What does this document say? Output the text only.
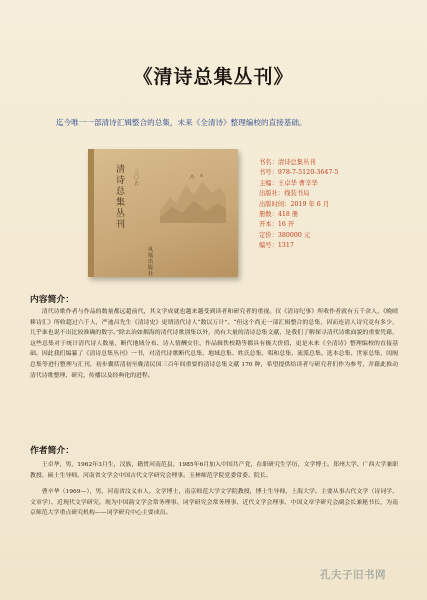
《清诗总集丛刊》
迄今唯一一部清诗汇辑整合的总集，未来《全清诗》整理编校的直接基础。
清诗总集丛刊
三〇五
凤凰出版社
书名：清诗总集丛刊
书号：978-7-5120-3647-5
主编：王卓华 曹辛华
出版社：线装书局
出版时间：2019 年 6 月
册数：418 册
开本：16 开
定价：380000 元
编号：1317
内容简介：

清代诗歌作者与作品的数量都远超前代，其文学成就也越来越受到读者和研究者的重视。仅《清诗纪事》所收作者就有五千余人，《晚晴簃诗汇》所收超过六千人，严迪昌先生《清诗史》更谓清代诗人“数以万计”。“但这个尚无一部汇辑整合的总集，因而连清人诗究竟有多少，几乎谁也说不出比较准确的数字。”除去治如烟海的清代诗歌别集以外，尚有大量的清诗总集文献，是我们了解探寻清代诗歌面貌的重要凭藉，这些总集对于统计清代诗人数量、断代地域分布、诗人情酬交往、作品辑佚校勘等都具有极大价值，更是未来《全清诗》整理编校的直接基础。因此我们编纂了《清诗总集丛刊》一书，对清代诗歌断代总集、地域总集、姓氏总集、唱和总集、流派总集、选本总集、世家总集、闺阁总集等进行整理与汇刊，初步囊括清初至晚清民国三百年间重要的清诗总集文献 170 种，希望提供给读者与研究者们作为参考，并藉此推动清代诗歌整理、研究、传播以及经典化的进程。

作者简介：

王卓华，男，1962年3月生，汉族，籍贯河南范县，1985年6月加入中国共产党，在职研究生学历，文学博士。郑州大学、广西大学兼职教授、硕士生导师。河南省文学会中国古代文学研究会理事。玉林师范学院党委常委、院长。

曹辛华（1969—），男，河南省汶义市人。文学博士，南京师范大学文学院教授，博士生导师，上海大学。主要从事古代文学（诗词学、文章学）、近现代文学研究。现为中国韵文学会常务理事、词学研究会常务理事、近代文学会理事、中国文章学研究会副会长兼秘书长，为南京师范大学重点研究机构——词学研究中心主要成员。

孔夫子旧书网
